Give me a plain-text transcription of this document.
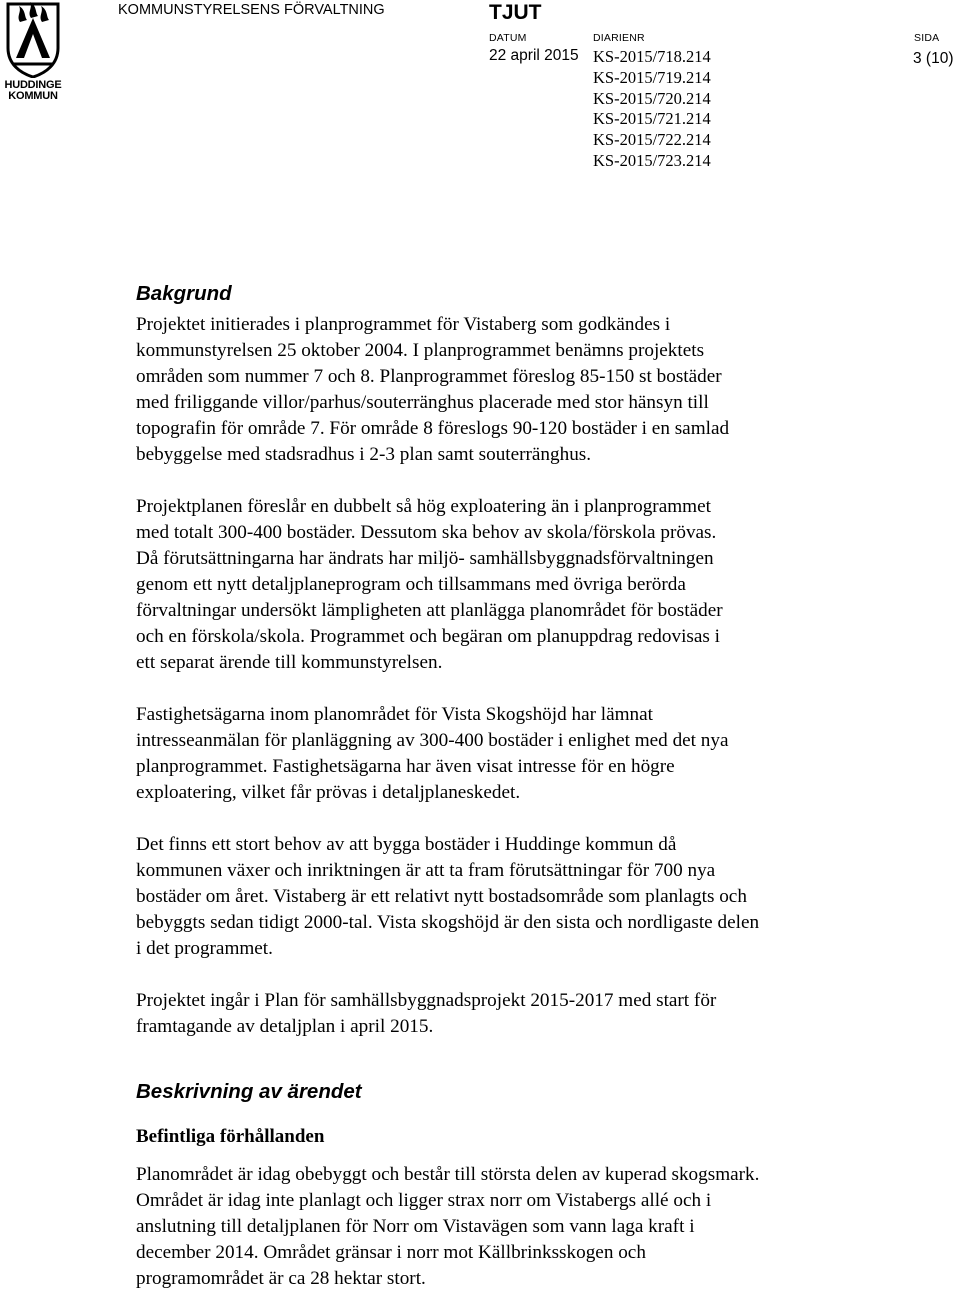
HUDDINGE
KOMMUN
KOMMUNSTYRELSENS FÖRVALTNING	TJUT
DATUM	DIARIENR	SIDA
22 april 2015 KS-2015/718.214
KS-2015/719.214
KS-2015/720.214
KS-2015/721.214
KS-2015/722.214
KS-2015/723.214
3 (10)
Bakgrund

Projektet initierades i planprogrammet för Vistaberg som godkändes i
kommunstyrelsen 25 oktober 2004. I planprogrammet benämns projektets
områden som nummer 7 och 8. Planprogrammet föreslog 85-150 st bostäder
med friliggande villor/parhus/souterränghus placerade med stor hänsyn till
topografin för område 7. För område 8 föreslogs 90-120 bostäder i en samlad
bebyggelse med stadsradhus i 2-3 plan samt souterränghus.

Projektplanen föreslår en dubbelt så hög exploatering än i planprogrammet
med totalt 300-400 bostäder. Dessutom ska behov av skola/förskola prövas.
Då förutsättningarna har ändrats har miljö- samhällsbyggnadsförvaltningen
genom ett nytt detaljplaneprogram och tillsammans med övriga berörda
förvaltningar undersökt lämpligheten att planlägga planområdet för bostäder
och en förskola/skola. Programmet och begäran om planuppdrag redovisas i
ett separat ärende till kommunstyrelsen.

Fastighetsägarna inom planområdet för Vista Skogshöjd har lämnat
intresseanmälan för planläggning av 300-400 bostäder i enlighet med det nya
planprogrammet. Fastighetsägarna har även visat intresse för en högre
exploatering, vilket får prövas i detaljplaneskedet.

Det finns ett stort behov av att bygga bostäder i Huddinge kommun då
kommunen växer och inriktningen är att ta fram förutsättningar för 700 nya
bostäder om året. Vistaberg är ett relativt nytt bostadsområde som planlagts och
bebyggts sedan tidigt 2000-tal. Vista skogshöjd är den sista och nordligaste delen
i det programmet.

Projektet ingår i Plan för samhällsbyggnadsprojekt 2015-2017 med start för
framtagande av detaljplan i april 2015.

Beskrivning av ärendet
Befintliga förhållanden

Planområdet är idag obebyggt och består till största delen av kuperad skogsmark.
Området är idag inte planlagt och ligger strax norr om Vistabergs allé och i
anslutning till detaljplanen för Norr om Vistavägen som vann laga kraft i
december 2014. Området gränsar i norr mot Källbrinksskogen och
programområdet är ca 28 hektar stort.
